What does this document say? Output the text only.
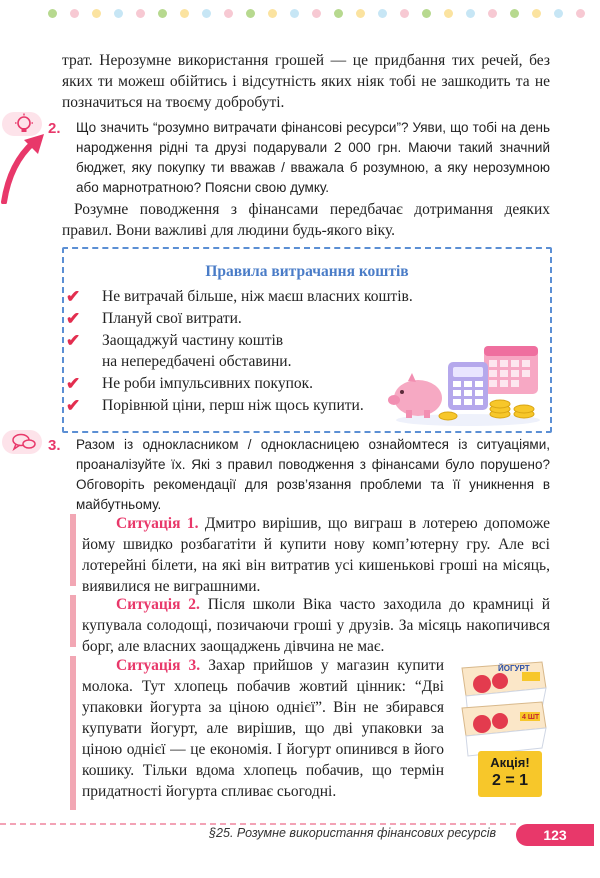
трат. Нерозумне використання грошей — це придбання тих речей, без яких ти можеш обійтись і відсутність яких ніяк тобі не зашкодить та не позначиться на твоєму добробуті.
2. Що значить “розумно витрачати фінансові ресурси”? Уяви, що тобі на день народження рідні та друзі подарували 2 000 грн. Маючи такий значний бюджет, яку покупку ти вважав / вважала б розумною, а яку нерозумною або марнотратною? Поясни свою думку.
Розумне поводження з фінансами передбачає дотримання деяких правил. Вони важливі для людини будь-якого віку.
Правила витрачання коштів
✔	Не витрачай більше, ніж маєш власних коштів.
✔	Плануй свої витрати.
✔	Заощаджуй частину коштів
на непередбачені обставини.
✔	Не роби імпульсивних покупок.
✔	Порівнюй ціни, перш ніж щось купити.
3. Разом із однокласником / однокласницею ознайомтеся із ситуаціями, проаналізуйте їх. Які з правил поводження з фінансами було порушено? Обговоріть рекомендації для розв’язання проблеми та її уникнення в майбутньому.
Ситуація 1. Дмитро вирішив, що виграш в лотерею допоможе йому швидко розбагатіти й купити нову комп’ютерну гру. Але всі лотерейні білети, на які він витратив усі кишенькові гроші на місяць, виявилися не виграшними.
Ситуація 2. Після школи Віка часто заходила до крамниці й купувала солодощі, позичаючи гроші у друзів. За місяць накопичився борг, але власних заощаджень дівчина не має.
Ситуація 3. Захар прийшов у магазин купити молока. Тут хлопець побачив жовтий цінник: “Дві упаковки йогурта за ціною однієї”. Він не збирався купувати йогурт, але вирішив, що дві упаковки за ціною однієї — це економія. І йогурт опинився в його кошику. Тільки вдома хлопець побачив, що термін придатності йогурта спливає сьогодні.
ЙОГУРТ
4 ШТ
Акція!
2 = 1
§25. Розумне використання фінансових ресурсів	123
